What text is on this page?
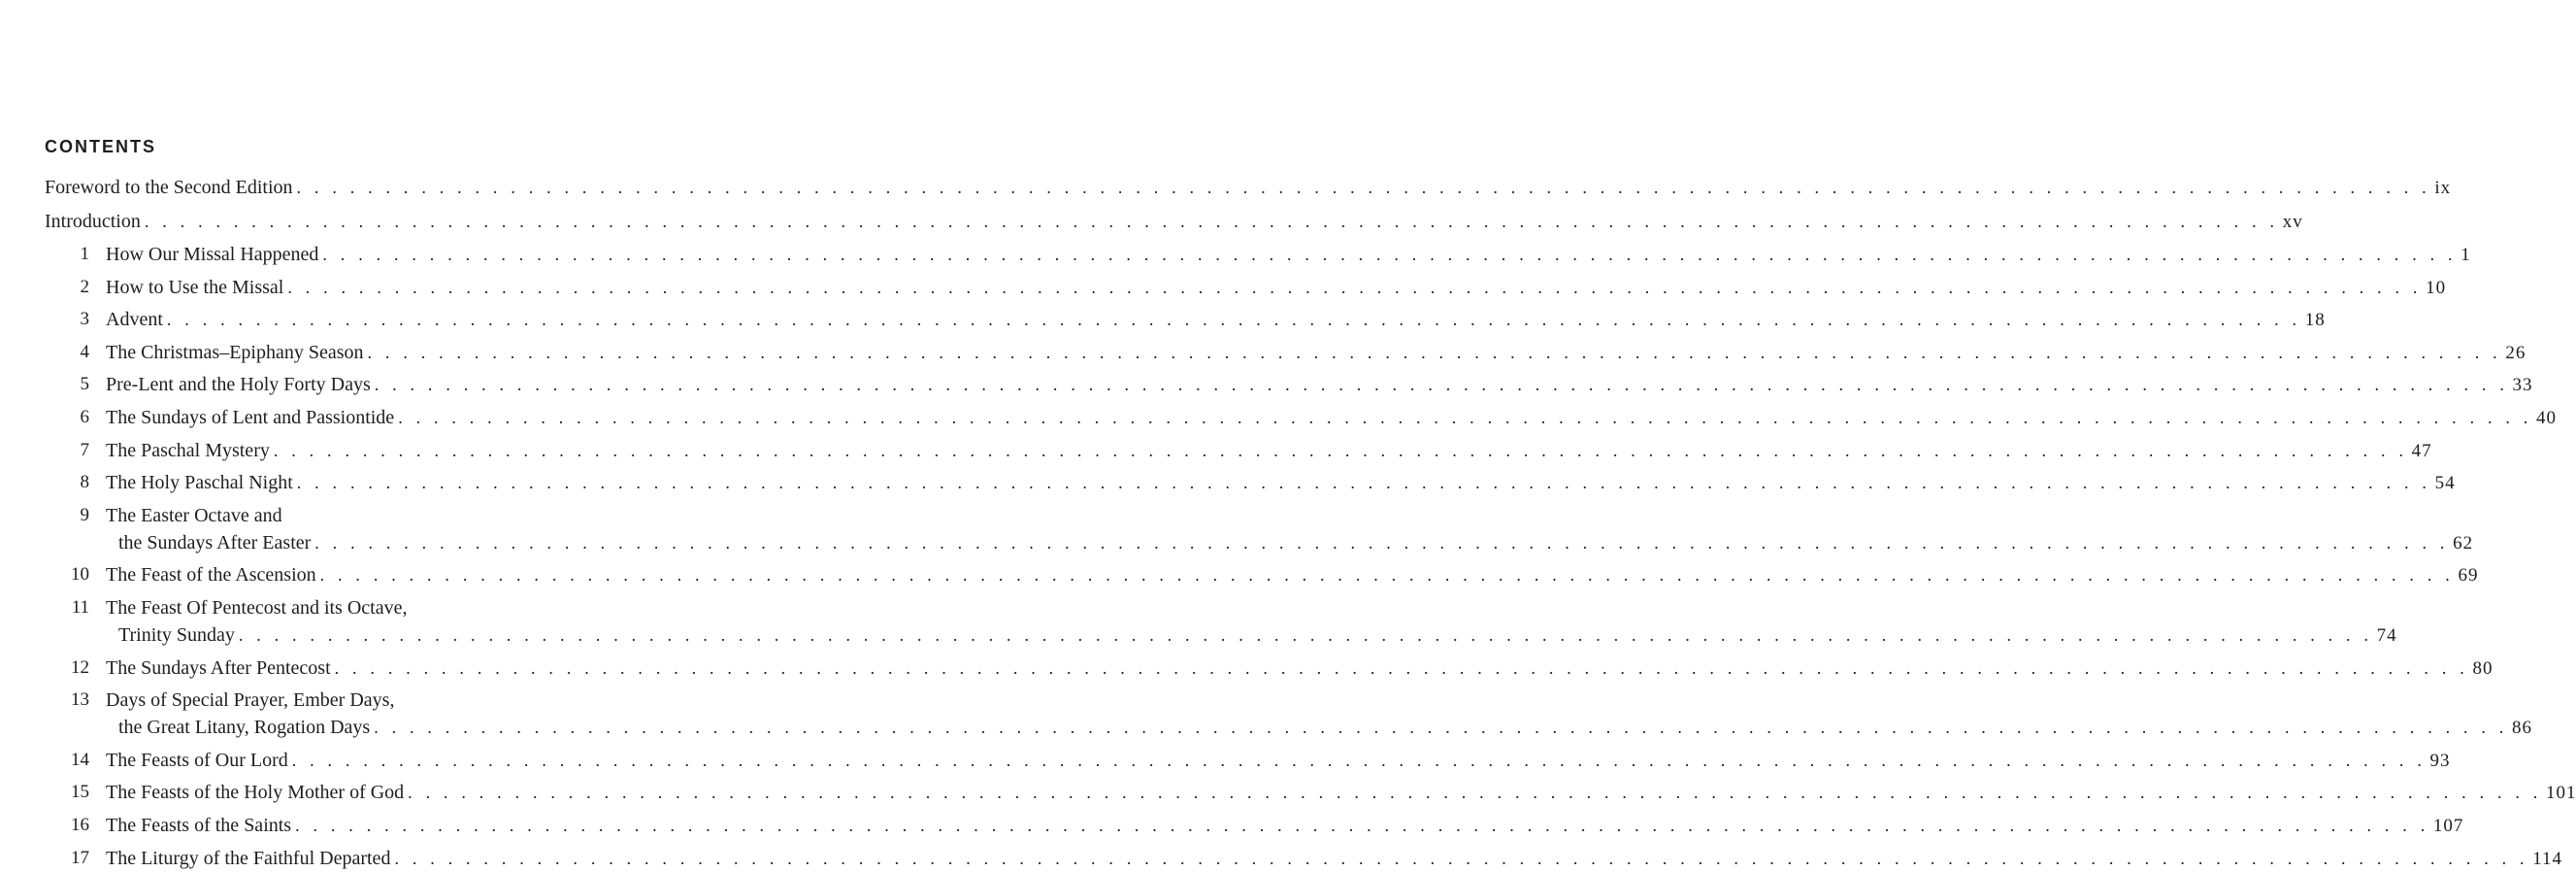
CONTENTS
Foreword to the Second Edition . . . . . . . . . . . . . . . . . . . . . . . . . . . . . . . . . . . . . . . . . . . . . . . . . . . . . . . . . . . . . . . . . . . . . . . . . . . . . . . . . . . . . . . . . . . . . . . . . . . . . . . . . . . . . . . . . . . . . . . . ix
Introduction . . . . . . . . . . . . . . . . . . . . . . . . . . . . . . . . . . . . . . . . . . . . . . . . . . . . . . . . . . . . . . . . . . . . . . . . . . . . . . . . . . . . . . . . . . . . . . . . . . . . . . . . . . . . . . . . . . . . . . . . xv
1 How Our Missal Happened . . . . . . . . . . . . . . . . . . . . . . . . . . . . . . . . . . . . . . . . . . . . . . . . . . . . . . . . . . . . . . . . . . . . . . . . . . . . . . . . . . . . . . . . . . . . . . . . . . . . . . . . . . . . . . . . . . . . . . . . 1
2 How to Use the Missal . . . . . . . . . . . . . . . . . . . . . . . . . . . . . . . . . . . . . . . . . . . . . . . . . . . . . . . . . . . . . . . . . . . . . . . . . . . . . . . . . . . . . . . . . . . . . . . . . . . . . . . . . . . . . . . . . . . . . . . . 10
3 Advent . . . . . . . . . . . . . . . . . . . . . . . . . . . . . . . . . . . . . . . . . . . . . . . . . . . . . . . . . . . . . . . . . . . . . . . . . . . . . . . . . . . . . . . . . . . . . . . . . . . . . . . . . . . . . . . . . . . . . . . . 18
4 The Christmas–Epiphany Season . . . . . . . . . . . . . . . . . . . . . . . . . . . . . . . . . . . . . . . . . . . . . . . . . . . . . . . . . . . . . . . . . . . . . . . . . . . . . . . . . . . . . . . . . . . . . . . . . . . . . . . . . . . . . . . . . . . . . . . . 26
5 Pre-Lent and the Holy Forty Days . . . . . . . . . . . . . . . . . . . . . . . . . . . . . . . . . . . . . . . . . . . . . . . . . . . . . . . . . . . . . . . . . . . . . . . . . . . . . . . . . . . . . . . . . . . . . . . . . . . . . . . . . . . . . . . . . . . . . . . . 33
6 The Sundays of Lent and Passiontide . . . . . . . . . . . . . . . . . . . . . . . . . . . . . . . . . . . . . . . . . . . . . . . . . . . . . . . . . . . . . . . . . . . . . . . . . . . . . . . . . . . . . . . . . . . . . . . . . . . . . . . . . . . . . . . . . . . . . . . . 40
7 The Paschal Mystery . . . . . . . . . . . . . . . . . . . . . . . . . . . . . . . . . . . . . . . . . . . . . . . . . . . . . . . . . . . . . . . . . . . . . . . . . . . . . . . . . . . . . . . . . . . . . . . . . . . . . . . . . . . . . . . . . . . . . . . . 47
8 The Holy Paschal Night . . . . . . . . . . . . . . . . . . . . . . . . . . . . . . . . . . . . . . . . . . . . . . . . . . . . . . . . . . . . . . . . . . . . . . . . . . . . . . . . . . . . . . . . . . . . . . . . . . . . . . . . . . . . . . . . . . . . . . . . 54
9 The Easter Octave and
the Sundays After Easter . . . . . . . . . . . . . . . . . . . . . . . . . . . . . . . . . . . . . . . . . . . . . . . . . . . . . . . . . . . . . . . . . . . . . . . . . . . . . . . . . . . . . . . . . . . . . . . . . . . . . . . . . . . . . . . . . . . . . . . . 62
10 The Feast of the Ascension . . . . . . . . . . . . . . . . . . . . . . . . . . . . . . . . . . . . . . . . . . . . . . . . . . . . . . . . . . . . . . . . . . . . . . . . . . . . . . . . . . . . . . . . . . . . . . . . . . . . . . . . . . . . . . . . . . . . . . . . 69
11 The Feast Of Pentecost and its Octave,
Trinity Sunday . . . . . . . . . . . . . . . . . . . . . . . . . . . . . . . . . . . . . . . . . . . . . . . . . . . . . . . . . . . . . . . . . . . . . . . . . . . . . . . . . . . . . . . . . . . . . . . . . . . . . . . . . . . . . . . . . . . . . . . . 74
12 The Sundays After Pentecost . . . . . . . . . . . . . . . . . . . . . . . . . . . . . . . . . . . . . . . . . . . . . . . . . . . . . . . . . . . . . . . . . . . . . . . . . . . . . . . . . . . . . . . . . . . . . . . . . . . . . . . . . . . . . . . . . . . . . . . . 80
13 Days of Special Prayer, Ember Days,
the Great Litany, Rogation Days . . . . . . . . . . . . . . . . . . . . . . . . . . . . . . . . . . . . . . . . . . . . . . . . . . . . . . . . . . . . . . . . . . . . . . . . . . . . . . . . . . . . . . . . . . . . . . . . . . . . . . . . . . . . . . . . . . . . . . . . 86
14 The Feasts of Our Lord . . . . . . . . . . . . . . . . . . . . . . . . . . . . . . . . . . . . . . . . . . . . . . . . . . . . . . . . . . . . . . . . . . . . . . . . . . . . . . . . . . . . . . . . . . . . . . . . . . . . . . . . . . . . . . . . . . . . . . . . 93
15 The Feasts of the Holy Mother of God . . . . . . . . . . . . . . . . . . . . . . . . . . . . . . . . . . . . . . . . . . . . . . . . . . . . . . . . . . . . . . . . . . . . . . . . . . . . . . . . . . . . . . . . . . . . . . . . . . . . . . . . . . . . . . . . . . . . . . . . 101
16 The Feasts of the Saints . . . . . . . . . . . . . . . . . . . . . . . . . . . . . . . . . . . . . . . . . . . . . . . . . . . . . . . . . . . . . . . . . . . . . . . . . . . . . . . . . . . . . . . . . . . . . . . . . . . . . . . . . . . . . . . . . . . . . . . . 107
17 The Liturgy of the Faithful Departed . . . . . . . . . . . . . . . . . . . . . . . . . . . . . . . . . . . . . . . . . . . . . . . . . . . . . . . . . . . . . . . . . . . . . . . . . . . . . . . . . . . . . . . . . . . . . . . . . . . . . . . . . . . . . . . . . . . . . . . . 114
